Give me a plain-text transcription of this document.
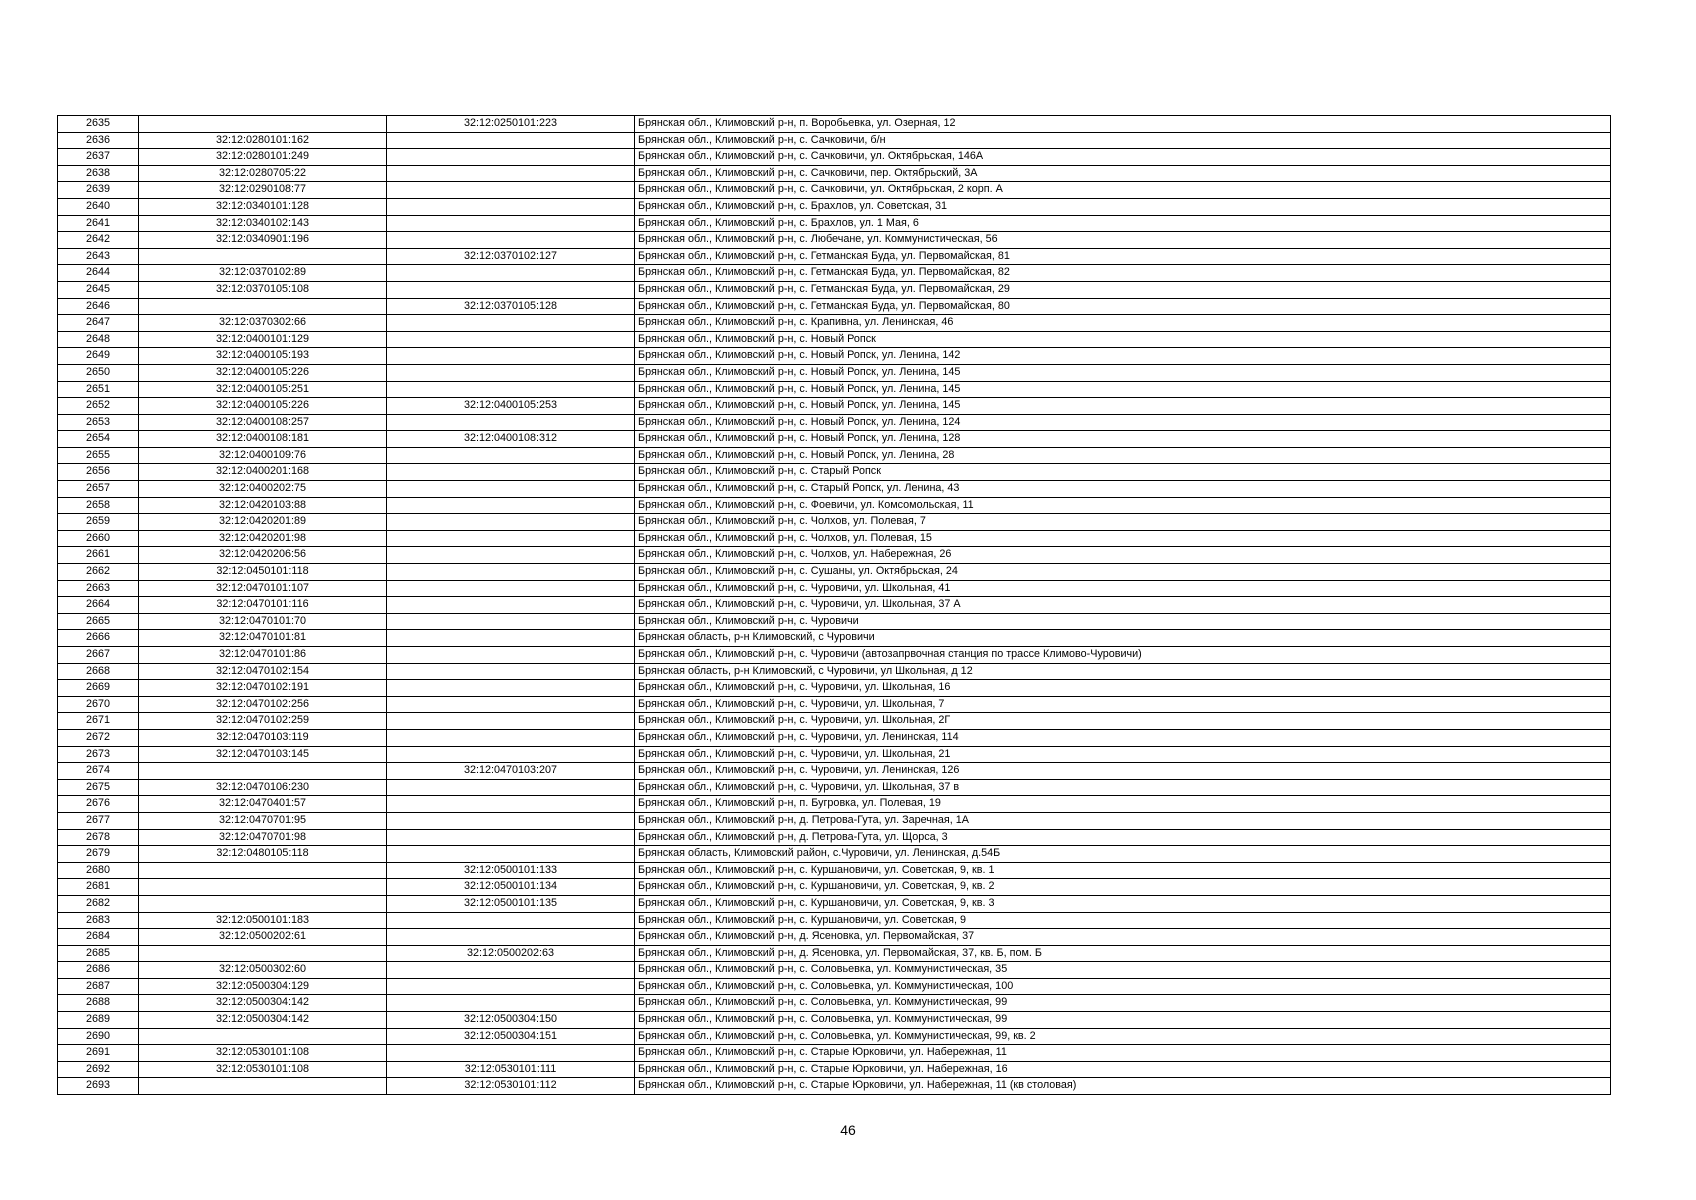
2635		32:12:0250101:223	Брянская обл., Климовский р-н, п. Воробьевка, ул. Озерная, 12
2636	32:12:0280101:162		Брянская обл., Климовский р-н, с. Сачковичи, б/н
2637	32:12:0280101:249		Брянская обл., Климовский р-н, с. Сачковичи, ул. Октябрьская, 146А
2638	32:12:0280705:22		Брянская обл., Климовский р-н, с. Сачковичи, пер. Октябрьский, 3А
2639	32:12:0290108:77		Брянская обл., Климовский р-н, с. Сачковичи, ул. Октябрьская, 2 корп. А
2640	32:12:0340101:128		Брянская обл., Климовский р-н, с. Брахлов, ул. Советская, 31
2641	32:12:0340102:143		Брянская обл., Климовский р-н, с. Брахлов, ул. 1 Мая, 6
2642	32:12:0340901:196		Брянская обл., Климовский р-н, с. Любечане, ул. Коммунистическая, 56
2643		32:12:0370102:127	Брянская обл., Климовский р-н, с. Гетманская Буда, ул. Первомайская, 81
2644	32:12:0370102:89		Брянская обл., Климовский р-н, с. Гетманская Буда, ул. Первомайская, 82
2645	32:12:0370105:108		Брянская обл., Климовский р-н, с. Гетманская Буда, ул. Первомайская, 29
2646		32:12:0370105:128	Брянская обл., Климовский р-н, с. Гетманская Буда, ул. Первомайская, 80
2647	32:12:0370302:66		Брянская обл., Климовский р-н, с. Крапивна, ул. Ленинская, 46
2648	32:12:0400101:129		Брянская обл., Климовский р-н, с. Новый Ропск
2649	32:12:0400105:193		Брянская обл., Климовский р-н, с. Новый Ропск, ул. Ленина, 142
2650	32:12:0400105:226		Брянская обл., Климовский р-н, с. Новый Ропск, ул. Ленина, 145
2651	32:12:0400105:251		Брянская обл., Климовский р-н, с. Новый Ропск, ул. Ленина, 145
2652	32:12:0400105:226	32:12:0400105:253	Брянская обл., Климовский р-н, с. Новый Ропск, ул. Ленина, 145
2653	32:12:0400108:257		Брянская обл., Климовский р-н, с. Новый Ропск, ул. Ленина, 124
2654	32:12:0400108:181	32:12:0400108:312	Брянская обл., Климовский р-н, с. Новый Ропск, ул. Ленина, 128
2655	32:12:0400109:76		Брянская обл., Климовский р-н, с. Новый Ропск, ул. Ленина, 28
2656	32:12:0400201:168		Брянская обл., Климовский р-н, с. Старый Ропск
2657	32:12:0400202:75		Брянская обл., Климовский р-н, с. Старый Ропск, ул. Ленина, 43
2658	32:12:0420103:88		Брянская обл., Климовский р-н, с. Фоевичи, ул. Комсомольская, 11
2659	32:12:0420201:89		Брянская обл., Климовский р-н, с. Чолхов, ул. Полевая, 7
2660	32:12:0420201:98		Брянская обл., Климовский р-н, с. Чолхов, ул. Полевая, 15
2661	32:12:0420206:56		Брянская обл., Климовский р-н, с. Чолхов, ул. Набережная, 26
2662	32:12:0450101:118		Брянская обл., Климовский р-н, с. Сушаны, ул. Октябрьская, 24
2663	32:12:0470101:107		Брянская обл., Климовский р-н, с. Чуровичи, ул. Школьная, 41
2664	32:12:0470101:116		Брянская обл., Климовский р-н, с. Чуровичи, ул. Школьная, 37 А
2665	32:12:0470101:70		Брянская обл., Климовский р-н, с. Чуровичи
2666	32:12:0470101:81		Брянская область, р-н Климовский, с Чуровичи
2667	32:12:0470101:86		Брянская обл., Климовский р-н, с. Чуровичи (автозапрвочная станция по трассе Климово-Чуровичи)
2668	32:12:0470102:154		Брянская область, р-н Климовский, с Чуровичи, ул Школьная, д 12
2669	32:12:0470102:191		Брянская обл., Климовский р-н, с. Чуровичи, ул. Школьная, 16
2670	32:12:0470102:256		Брянская обл., Климовский р-н, с. Чуровичи, ул. Школьная, 7
2671	32:12:0470102:259		Брянская обл., Климовский р-н, с. Чуровичи, ул. Школьная, 2Г
2672	32:12:0470103:119		Брянская обл., Климовский р-н, с. Чуровичи, ул. Ленинская, 114
2673	32:12:0470103:145		Брянская обл., Климовский р-н, с. Чуровичи, ул. Школьная, 21
2674		32:12:0470103:207	Брянская обл., Климовский р-н, с. Чуровичи, ул. Ленинская, 126
2675	32:12:0470106:230		Брянская обл., Климовский р-н, с. Чуровичи, ул. Школьная, 37 в
2676	32:12:0470401:57		Брянская обл., Климовский р-н, п. Бугровка, ул. Полевая, 19
2677	32:12:0470701:95		Брянская обл., Климовский р-н, д. Петрова-Гута, ул. Заречная, 1А
2678	32:12:0470701:98		Брянская обл., Климовский р-н, д. Петрова-Гута, ул. Щорса, 3
2679	32:12:0480105:118		Брянская область, Климовский район, с.Чуровичи, ул. Ленинская, д.54Б
2680		32:12:0500101:133	Брянская обл., Климовский р-н, с. Куршановичи, ул. Советская, 9, кв. 1
2681		32:12:0500101:134	Брянская обл., Климовский р-н, с. Куршановичи, ул. Советская, 9, кв. 2
2682		32:12:0500101:135	Брянская обл., Климовский р-н, с. Куршановичи, ул. Советская, 9, кв. 3
2683	32:12:0500101:183		Брянская обл., Климовский р-н, с. Куршановичи, ул. Советская, 9
2684	32:12:0500202:61		Брянская обл., Климовский р-н, д. Ясеновка, ул. Первомайская, 37
2685		32:12:0500202:63	Брянская обл., Климовский р-н, д. Ясеновка, ул. Первомайская, 37, кв. Б, пом. Б
2686	32:12:0500302:60		Брянская обл., Климовский р-н, с. Соловьевка, ул. Коммунистическая, 35
2687	32:12:0500304:129		Брянская обл., Климовский р-н, с. Соловьевка, ул. Коммунистическая, 100
2688	32:12:0500304:142		Брянская обл., Климовский р-н, с. Соловьевка, ул. Коммунистическая, 99
2689	32:12:0500304:142	32:12:0500304:150	Брянская обл., Климовский р-н, с. Соловьевка, ул. Коммунистическая, 99
2690		32:12:0500304:151	Брянская обл., Климовский р-н, с. Соловьевка, ул. Коммунистическая, 99, кв. 2
2691	32:12:0530101:108		Брянская обл., Климовский р-н, с. Старые Юрковичи, ул. Набережная, 11
2692	32:12:0530101:108	32:12:0530101:111	Брянская обл., Климовский р-н, с. Старые Юрковичи, ул. Набережная, 16
2693		32:12:0530101:112	Брянская обл., Климовский р-н, с. Старые Юрковичи, ул. Набережная, 11 (кв столовая)
46
